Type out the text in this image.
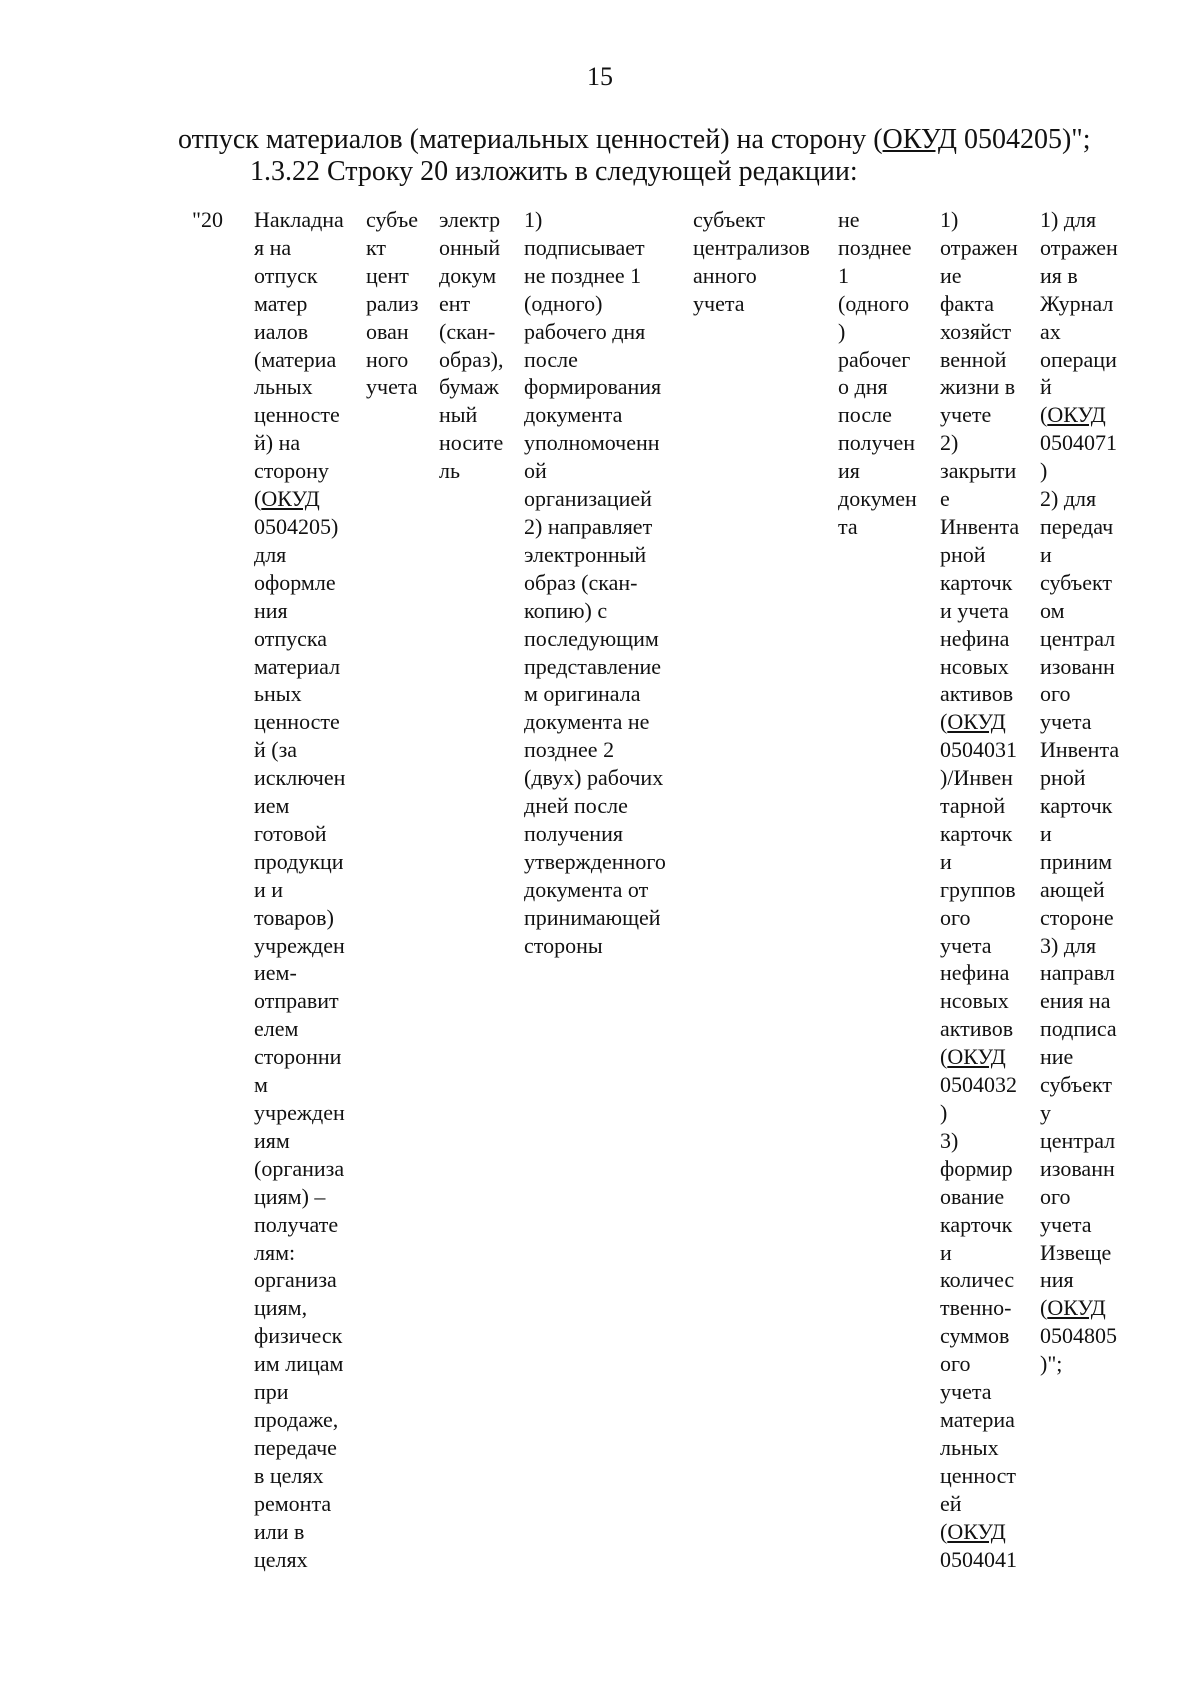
15
отпуск материалов (материальных ценностей) на сторону (ОКУД 0504205)";
1.3.22 Строку 20 изложить в следующей редакции:
"20 Накладна
я на
отпуск
матер
иалов
(материа
льных
ценносте
й) на
сторону
(ОКУД
0504205)
для
оформле
ния
отпуска
материал
ьных
ценносте
й (за
исключен
ием
готовой
продукци
и и
товаров)
учрежден
ием-
отправит
елем
сторонни
м
учрежден
иям
(организа
циям) –
получате
лям:
организа
циям,
физическ
им лицам
при
продаже,
передаче
в целях
ремонта
или в
целях
субъе
кт
цент
рализ
ован
ного
учета
электр
онный
докум
ент
(скан-
образ),
бумаж
ный
носите
ль
1)
подписывает
не позднее 1
(одного)
рабочего дня
после
формирования
документа
уполномоченн
ой
организацией
2) направляет
электронный
образ (скан-
копию) с
последующим
представление
м оригинала
документа не
позднее 2
(двух) рабочих
дней после
получения
утвержденного
документа от
принимающей
стороны
субъект
централизов
анного
учета
не
позднее
1
(одного
)
рабочег
о дня
после
получен
ия
докумен
та
1)
отражен
ие
факта
хозяйст
венной
жизни в
учете
2)
закрыти
е
Инвента
рной
карточк
и учета
нефина
нсовых
активов
(ОКУД
0504031
)/Инвен
тарной
карточк
и
группов
ого
учета
нефина
нсовых
активов
(ОКУД
0504032
)
3)
формир
ование
карточк
и
количес
твенно-
суммов
ого
учета
материа
льных
ценност
ей
(ОКУД
0504041
1) для
отражен
ия в
Журнал
ах
операци
й
(ОКУД
0504071
)
2) для
передач
и
субъект
ом
централ
изованн
ого
учета
Инвента
рной
карточк
и
приним
ающей
стороне
3) для
направл
ения на
подписа
ние
субъект
у
централ
изованн
ого
учета
Извеще
ния
(ОКУД
0504805
)";
